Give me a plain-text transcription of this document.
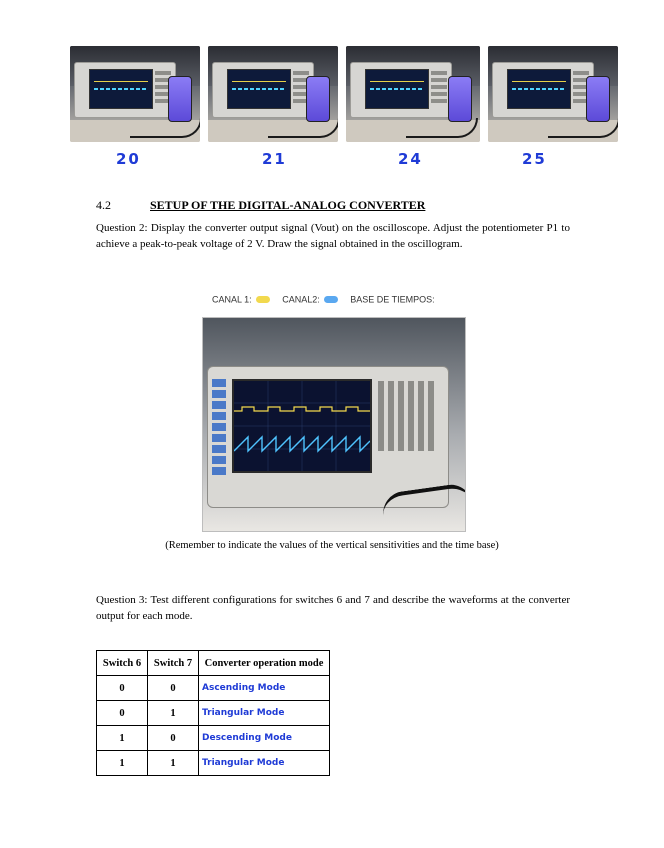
20	21	24	25
4.2	SETUP OF THE DIGITAL-ANALOG CONVERTER
Question 2: Display the converter output signal (Vout) on the oscilloscope. Adjust the potentiometer P1 to achieve a peak-to-peak voltage of 2 V. Draw the signal obtained in the oscillogram.
CANAL 1:	CANAL2:	BASE DE TIEMPOS:
(Remember to indicate the values of the vertical sensitivities and the time base)
Question 3: Test different configurations for switches 6 and 7 and describe the waveforms at the converter output for each mode.
Switch 6	Switch 7	Converter operation mode
0	0	Ascending Mode
0	1	Triangular Mode
1	0	Descending Mode
1	1	Triangular Mode
